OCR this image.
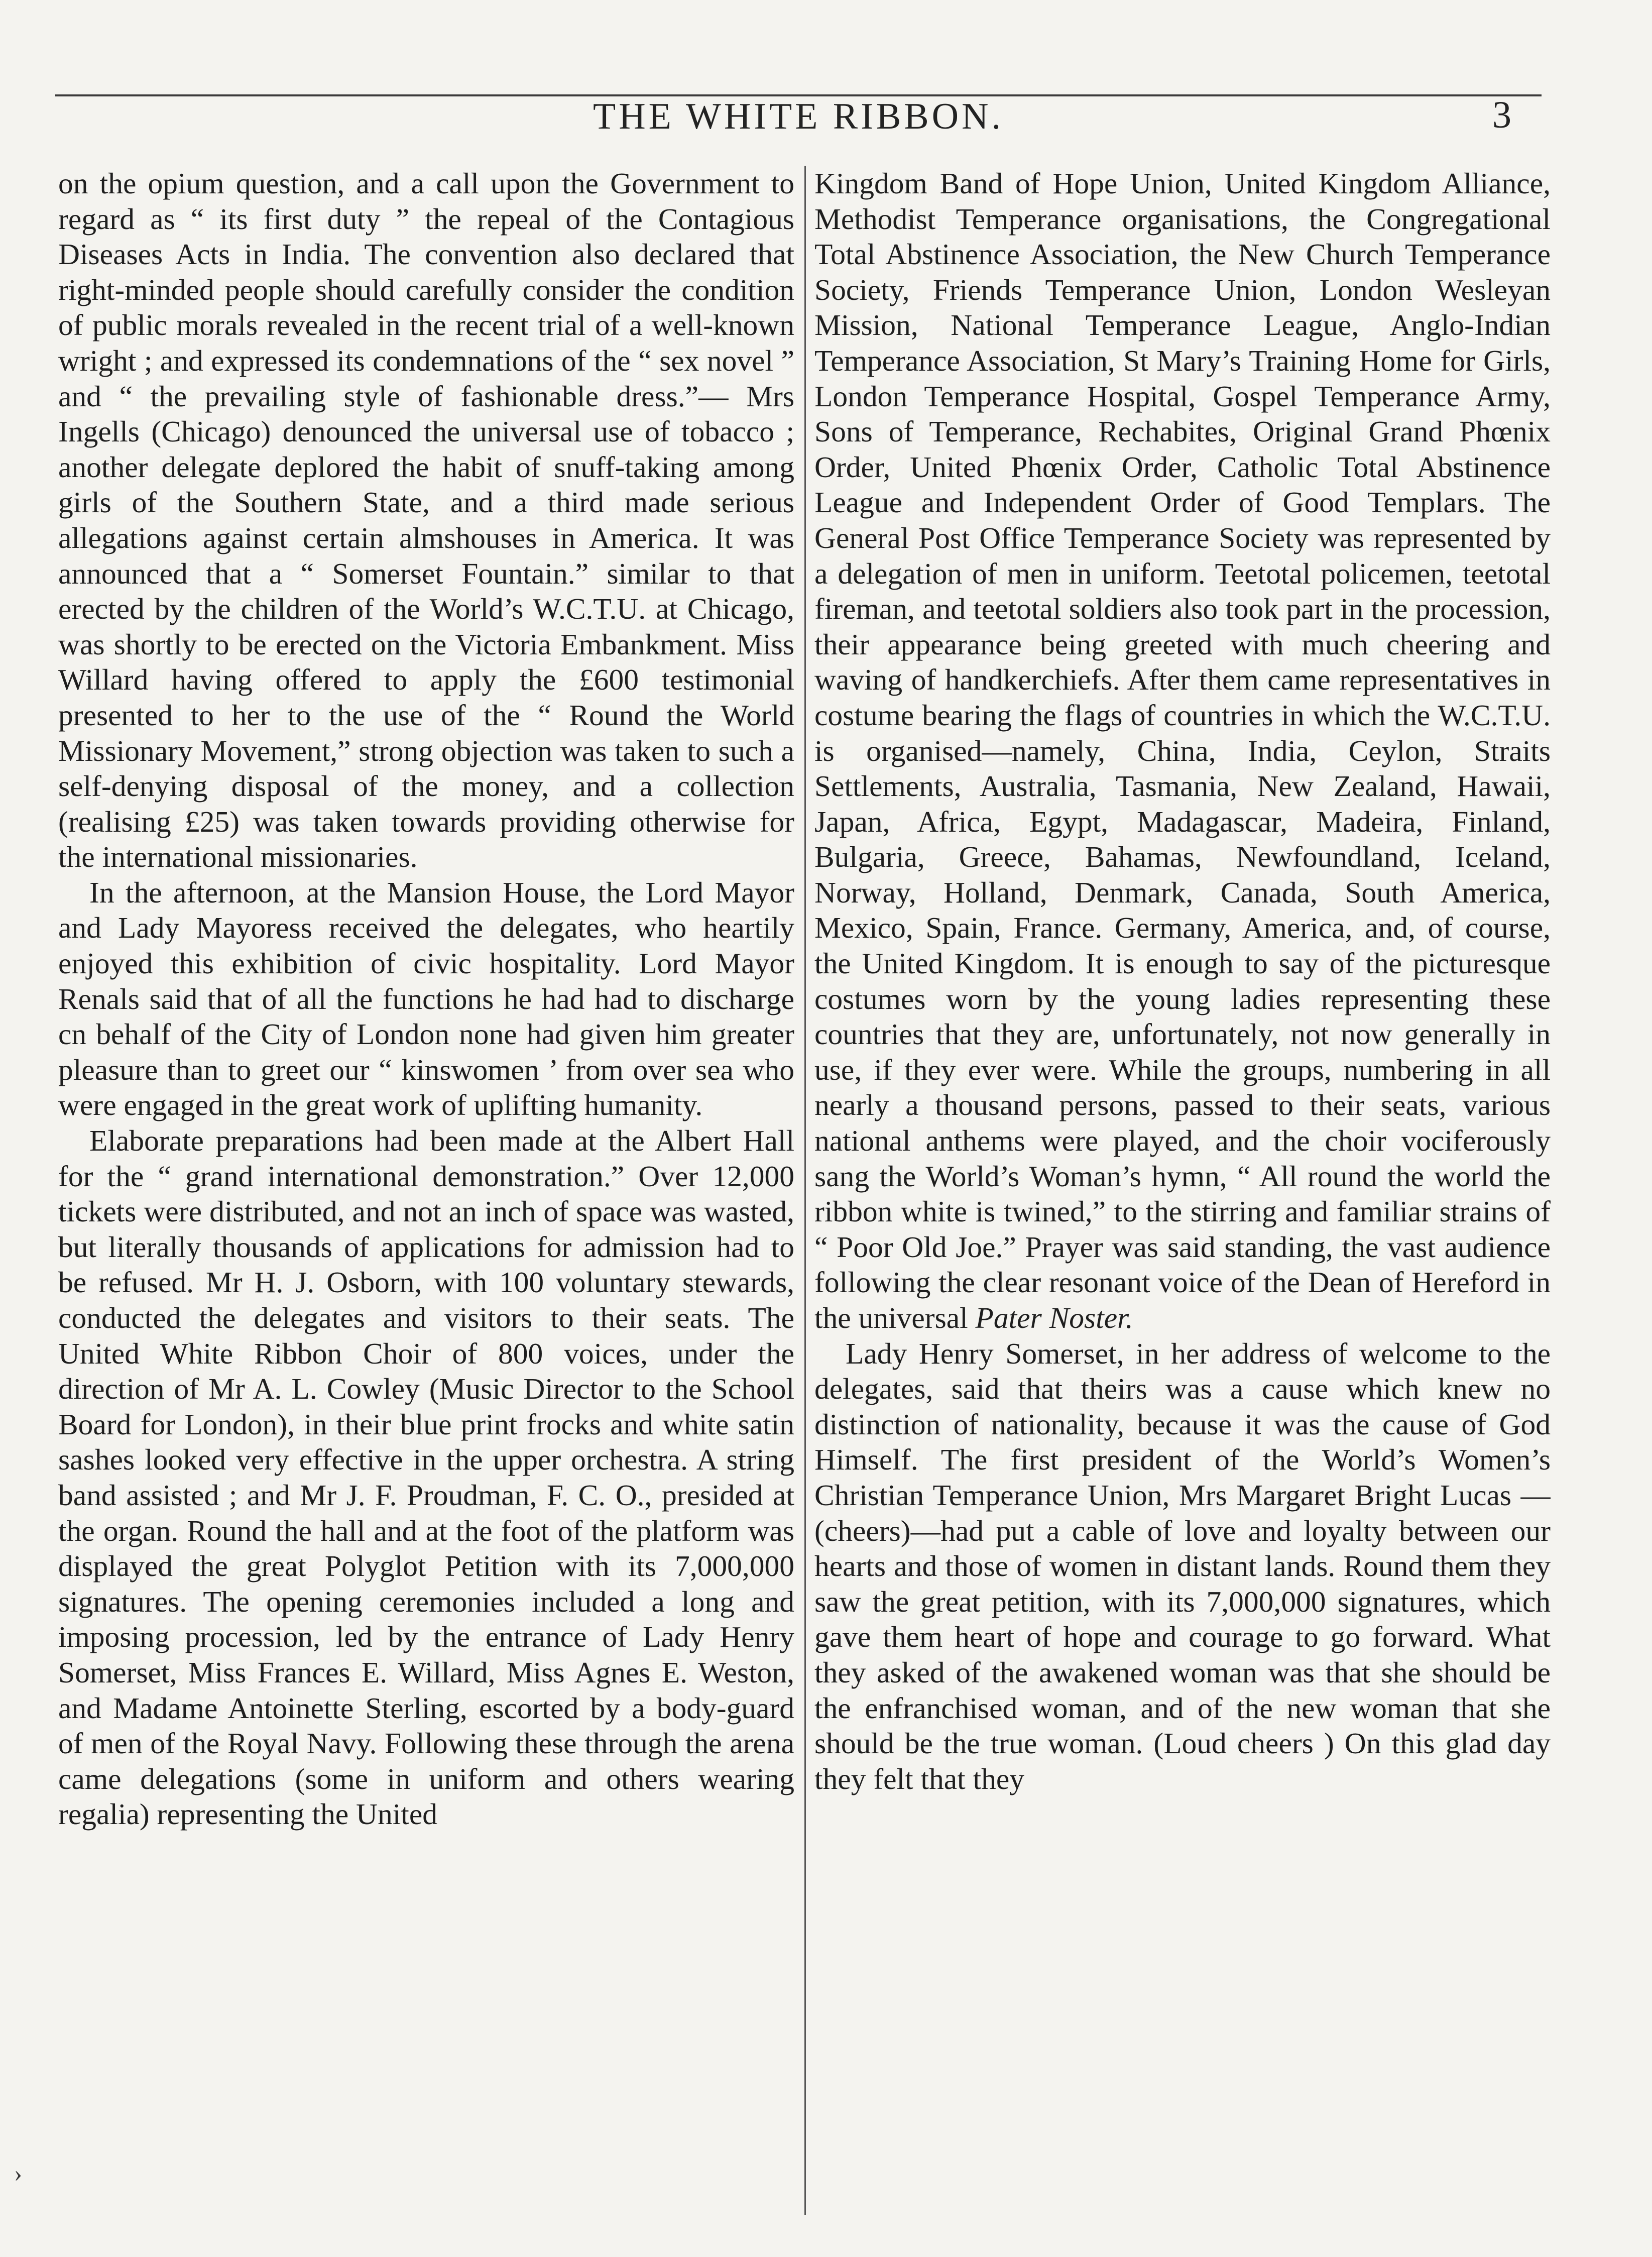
THE WHITE RIBBON.	3

on the opium question, and a call upon the Government to regard as “ its first duty ” the repeal of the Contagious Diseases Acts in India. The convention also declared that right-minded people should carefully consider the condition of public morals revealed in the recent trial of a well-known wright ; and expressed its condemnations of the “ sex novel ” and “ the prevailing style of fashionable dress.”— Mrs Ingells (Chicago) denounced the universal use of tobacco ; another delegate deplored the habit of snuff-taking among girls of the Southern State, and a third made serious allegations against certain almshouses in America. It was announced that a “ Somerset Fountain.” similar to that erected by the children of the World’s W.C.T.U. at Chicago, was shortly to be erected on the Victoria Embankment. Miss Willard having offered to apply the £600 testimonial presented to her to the use of the “ Round the World Missionary Movement,” strong objection was taken to such a self-denying disposal of the money, and a collection (realising £25) was taken towards providing otherwise for the international missionaries.

In the afternoon, at the Mansion House, the Lord Mayor and Lady Mayoress received the delegates, who heartily enjoyed this exhibition of civic hospitality. Lord Mayor Renals said that of all the functions he had had to discharge cn behalf of the City of London none had given him greater pleasure than to greet our “ kinswomen ’ from over sea who were engaged in the great work of uplifting humanity.

Elaborate preparations had been made at the Albert Hall for the “ grand international demonstration.” Over 12,000 tickets were distributed, and not an inch of space was wasted, but literally thousands of applications for admission had to be refused. Mr H. J. Osborn, with 100 voluntary stewards, conducted the delegates and visitors to their seats. The United White Ribbon Choir of 800 voices, under the direction of Mr A. L. Cowley (Music Director to the School Board for London), in their blue print frocks and white satin sashes looked very effective in the upper orchestra. A string band assisted ; and Mr J. F. Proudman, F. C. O., presided at the organ. Round the hall and at the foot of the platform was displayed the great Polyglot Petition with its 7,000,000 signatures. The opening ceremonies included a long and imposing procession, led by the entrance of Lady Henry Somerset, Miss Frances E. Willard, Miss Agnes E. Weston, and Madame Antoinette Sterling, escorted by a body-guard of men of the Royal Navy. Following these through the arena came delegations (some in uniform and others wearing regalia) representing the United

Kingdom Band of Hope Union, United Kingdom Alliance, Methodist Temperance organisations, the Congregational Total Abstinence Association, the New Church Temperance Society, Friends Temperance Union, London Wesleyan Mission, National Temperance League, Anglo-Indian Temperance Association, St Mary’s Training Home for Girls, London Temperance Hospital, Gospel Temperance Army, Sons of Temperance, Rechabites, Original Grand Phœnix Order, United Phœnix Order, Catholic Total Abstinence League and Independent Order of Good Templars. The General Post Office Temperance Society was represented by a delegation of men in uniform. Teetotal policemen, teetotal fireman, and teetotal soldiers also took part in the procession, their appearance being greeted with much cheering and waving of handkerchiefs. After them came representatives in costume bearing the flags of countries in which the W.C.T.U. is organised—namely, China, India, Ceylon, Straits Settlements, Australia, Tasmania, New Zealand, Hawaii, Japan, Africa, Egypt, Madagascar, Madeira, Finland, Bulgaria, Greece, Bahamas, Newfoundland, Iceland, Norway, Holland, Denmark, Canada, South America, Mexico, Spain, France. Germany, America, and, of course, the United Kingdom. It is enough to say of the picturesque costumes worn by the young ladies representing these countries that they are, unfortunately, not now generally in use, if they ever were. While the groups, numbering in all nearly a thousand persons, passed to their seats, various national anthems were played, and the choir vociferously sang the World’s Woman’s hymn, “ All round the world the ribbon white is twined,” to the stirring and familiar strains of “ Poor Old Joe.” Prayer was said standing, the vast audience following the clear resonant voice of the Dean of Hereford in the universal Pater Noster.

Lady Henry Somerset, in her address of welcome to the delegates, said that theirs was a cause which knew no distinction of nationality, because it was the cause of God Himself. The first president of the World’s Women’s Christian Temperance Union, Mrs Margaret Bright Lucas —(cheers)—had put a cable of love and loyalty between our hearts and those of women in distant lands. Round them they saw the great petition, with its 7,000,000 signatures, which gave them heart of hope and courage to go forward. What they asked of the awakened woman was that she should be the enfranchised woman, and of the new woman that she should be the true woman. (Loud cheers ) On this glad day they felt that they

›
